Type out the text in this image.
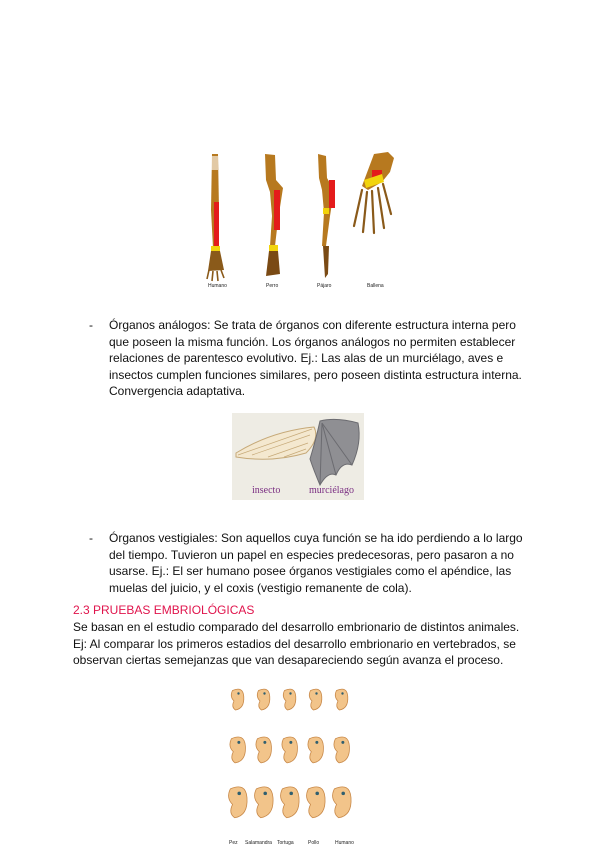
Humano	Perro	Pájaro	Ballena
- Órganos análogos: Se trata de órganos con diferente estructura interna pero que poseen la misma función. Los órganos análogos no permiten establecer relaciones de parentesco evolutivo. Ej.: Las alas de un murciélago, aves e insectos cumplen funciones similares, pero poseen distinta estructura interna. Convergencia adaptativa.
insecto	murciélago
- Órganos vestigiales: Son aquellos cuya función se ha ido perdiendo a lo largo del tiempo. Tuvieron un papel en especies predecesoras, pero pasaron a no usarse. Ej.: El ser humano posee órganos vestigiales como el apéndice, las muelas del juicio, y el coxis (vestigio remanente de cola).
2.3 PRUEBAS EMBRIOLÓGICAS
Se basan en el estudio comparado del desarrollo embrionario de distintos animales. Ej: Al comparar los primeros estadios del desarrollo embrionario en vertebrados, se observan ciertas semejanzas que van desapareciendo según avanza el proceso.
Pez Salamandra Tortuga	Pollo	Humano
